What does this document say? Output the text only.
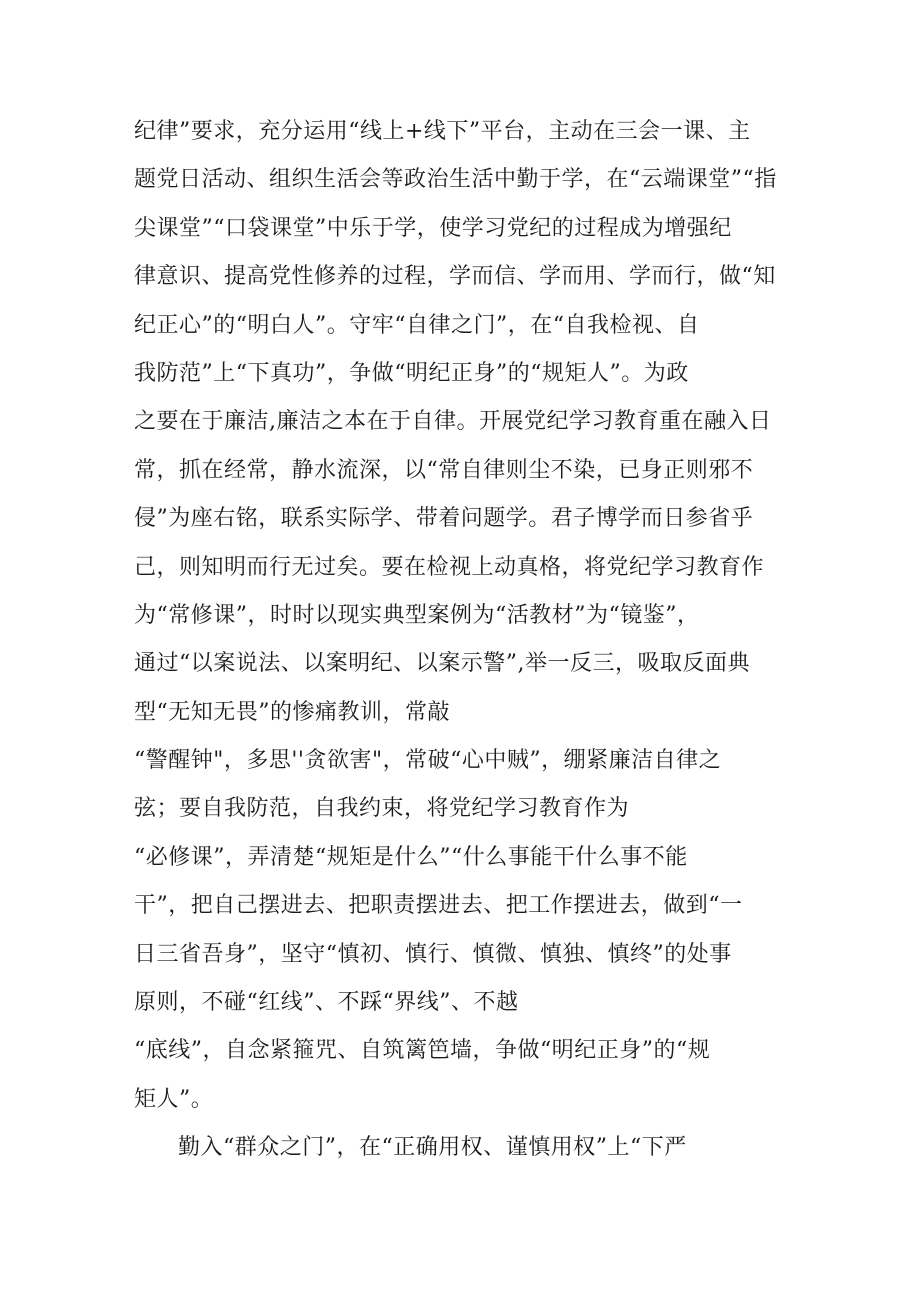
纪律”要求，充分运用“线上+线下”平台，主动在三会一课、主
题党日活动、组织生活会等政治生活中勤于学，在“云端课堂”“指
尖课堂”“口袋课堂”中乐于学，使学习党纪的过程成为增强纪
律意识、提高党性修养的过程，学而信、学而用、学而行，做“知
纪正心”的“明白人”。守牢“自律之门”，在“自我检视、自
我防范”上“下真功”，争做“明纪正身”的“规矩人”。为政
之要在于廉洁,廉洁之本在于自律。开展党纪学习教育重在融入日
常，抓在经常，静水流深，以“常自律则尘不染，已身正则邪不
侵”为座右铭，联系实际学、带着问题学。君子博学而日参省乎
己，则知明而行无过矣。要在检视上动真格，将党纪学习教育作
为“常修课”，时时以现实典型案例为“活教材”为“镜鉴”，
通过“以案说法、以案明纪、以案示警”,举一反三，吸取反面典
型“无知无畏”的惨痛教训，常敲
“警醒钟"，多思''贪欲害"，常破“心中贼”，绷紧廉洁自律之
弦；要自我防范，自我约束，将党纪学习教育作为
“必修课”，弄清楚“规矩是什么”“什么事能干什么事不能
干”，把自己摆进去、把职责摆进去、把工作摆进去，做到“一
日三省吾身”，坚守“慎初、慎行、慎微、慎独、慎终”的处事
原则，不碰“红线”、不踩“界线”、不越
“底线”，自念紧箍咒、自筑篱笆墙，争做“明纪正身”的“规
矩人”。
勤入“群众之门”，在“正确用权、谨慎用权”上“下严
